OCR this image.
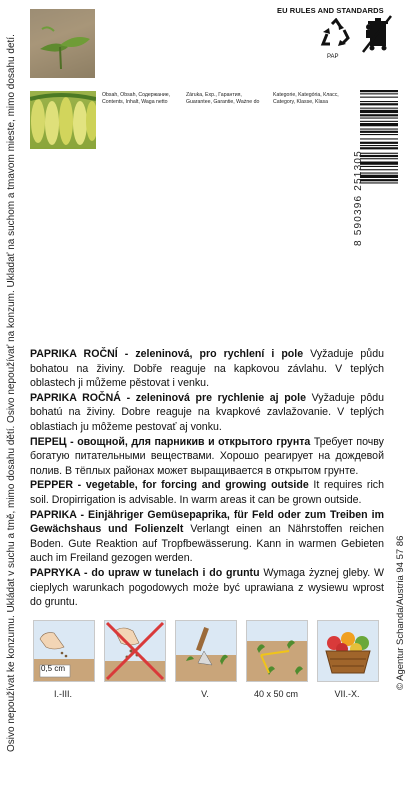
Osivo nepoužívat ke konzumu. Ukládat v suchu a tmě, mimo dosahu dětí. Osivo nepoužívať na konzum. Ukladať na suchom a tmavom mieste, mimo dosahu detí.	© Agentur Schanda/Austria 94 57 86
EU RULES AND STANDARDS
PAP
Obsah, Obsah, Содержание, Contents, Inhalt, Waga netto
Záruka, Exp., Гарантия, Guarantee, Garantie, Ważne do
Kategorie, Kategória, Класс, Category, Klasse, Klasa
8 590396 251305

PAPRIKA ROČNÍ - zeleninová, pro rychlení i pole Vyžaduje půdu bohatou na živiny. Dobře reaguje na kapkovou závlahu. V teplých oblastech ji můžeme pěstovat i venku.

PAPRIKA ROČNÁ - zeleninová pre rychlenie aj pole Vyžaduje pôdu bohatú na živiny. Dobre reaguje na kvapkové zavlažovanie. V teplých oblastiach ju môžeme pestovať aj vonku.

ПЕРЕЦ - овощной, для парникив и открытого грунта Требует почву богатую питательными веществами. Хорошо реагирует на дождевой полив. В тёплых районах может выращивается в открытом грунте.

PEPPER - vegetable, for forcing and growing outside It requires rich soil. Dropirrigation is advisable. In warm areas it can be grown outside.

PAPRIKA - Einjähriger Gemüsepaprika, für Feld oder zum Treiben im Gewächshaus und Folienzelt Verlangt einen an Nährstoffen reichen Boden. Gute Reaktion auf Tropfbewässerung. Kann in warmen Gebieten auch im Freiland gezogen werden.

PAPRYKA - do upraw w tunelach i do gruntu Wymaga żyznej gleby. W cieplych warunkach pogodowych może być uprawiana z wysiewu wprost do gruntu.

0,5 cm
I.-III.	V.	40 x 50 cm	VII.-X.
